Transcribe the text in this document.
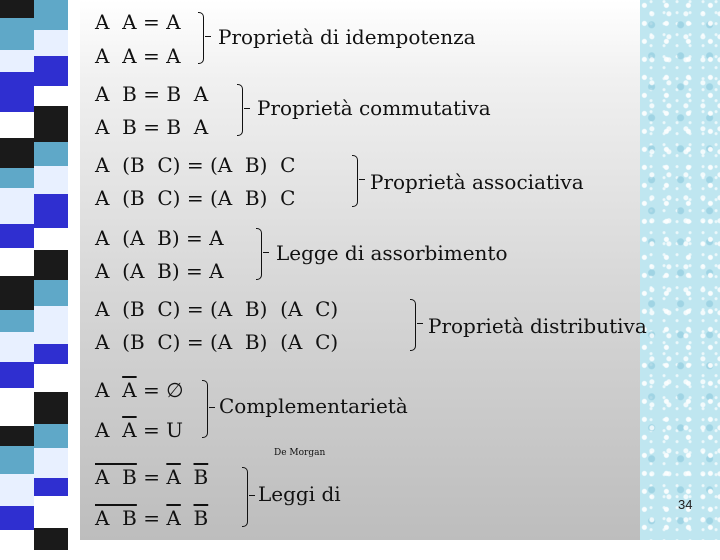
A  A = A
A  A = A
Proprietà di idempotenza
A  B = B  A
A  B = B  A
Proprietà commutativa
A  (B  C) = (A  B)  C
A  (B  C) = (A  B)  C
Proprietà associativa
A  (A  B) = A
A  (A  B) = A
Legge di assorbimento
A  (B  C) = (A  B)  (A  C)
A  (B  C) = (A  B)  (A  C)
Proprietà distributiva
A  $\overline{A}$ = ∅
A  $\overline{A} = U$
Complementarietà
De Morgan
A  $B = \overline{A}$ $\overline{B}$
A  $B = \overline{A}$ $\overline{B}$
Leggi di	34
